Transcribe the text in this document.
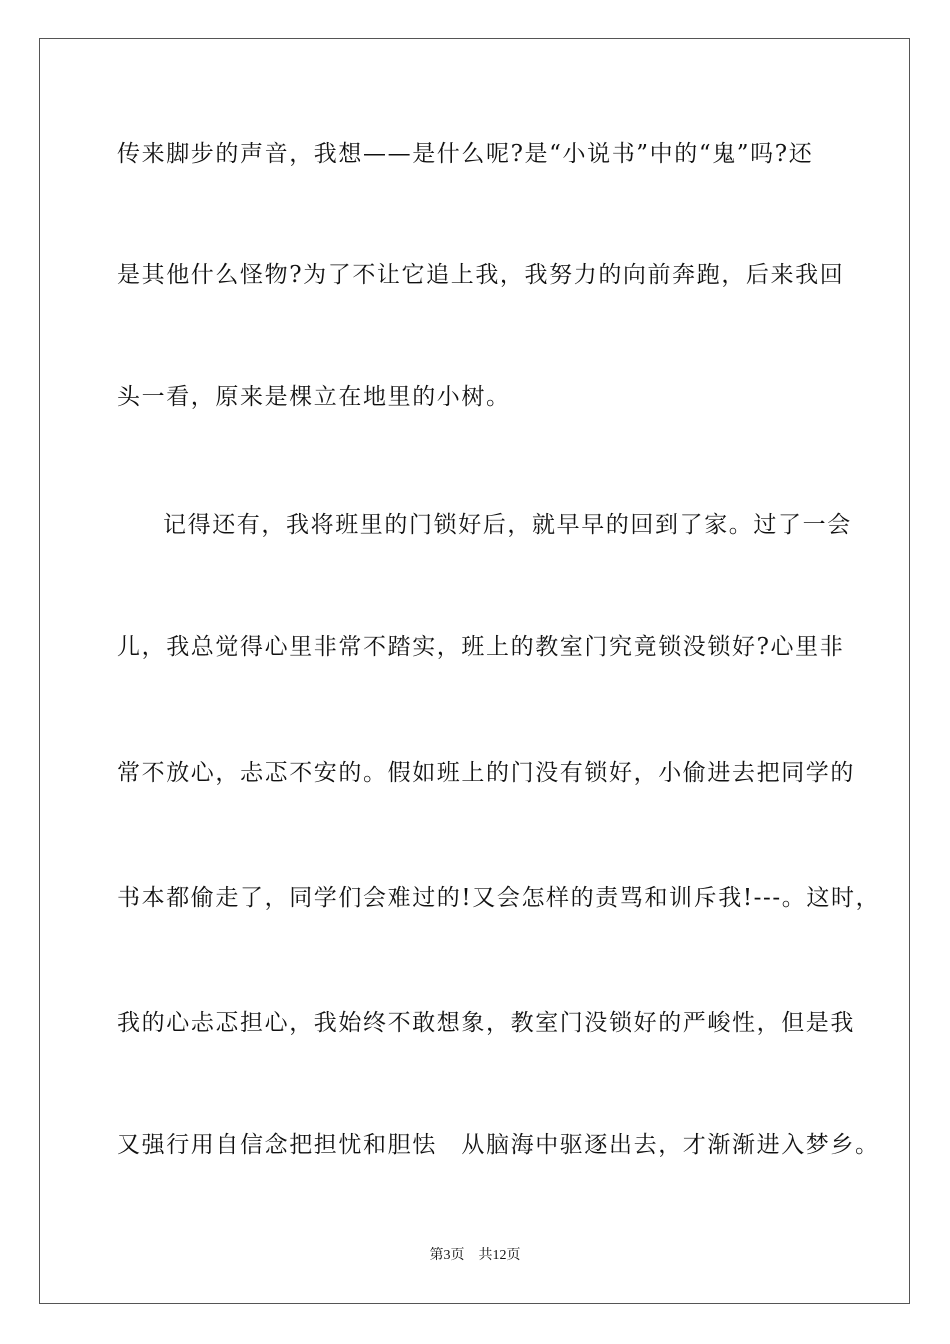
传来脚步的声音，我想——是什么呢?是“小说书”中的“鬼”吗?还
是其他什么怪物?为了不让它追上我，我努力的向前奔跑，后来我回
头一看，原来是棵立在地里的小树。
记得还有，我将班里的门锁好后，就早早的回到了家。过了一会
儿，我总觉得心里非常不踏实，班上的教室门究竟锁没锁好?心里非
常不放心，忐忑不安的。假如班上的门没有锁好，小偷进去把同学的
书本都偷走了，同学们会难过的!又会怎样的责骂和训斥我!---。这时，
我的心忐忑担心，我始终不敢想象，教室门没锁好的严峻性，但是我
又强行用自信念把担忧和胆怯　从脑海中驱逐出去，才渐渐进入梦乡。
第3页 共12页
